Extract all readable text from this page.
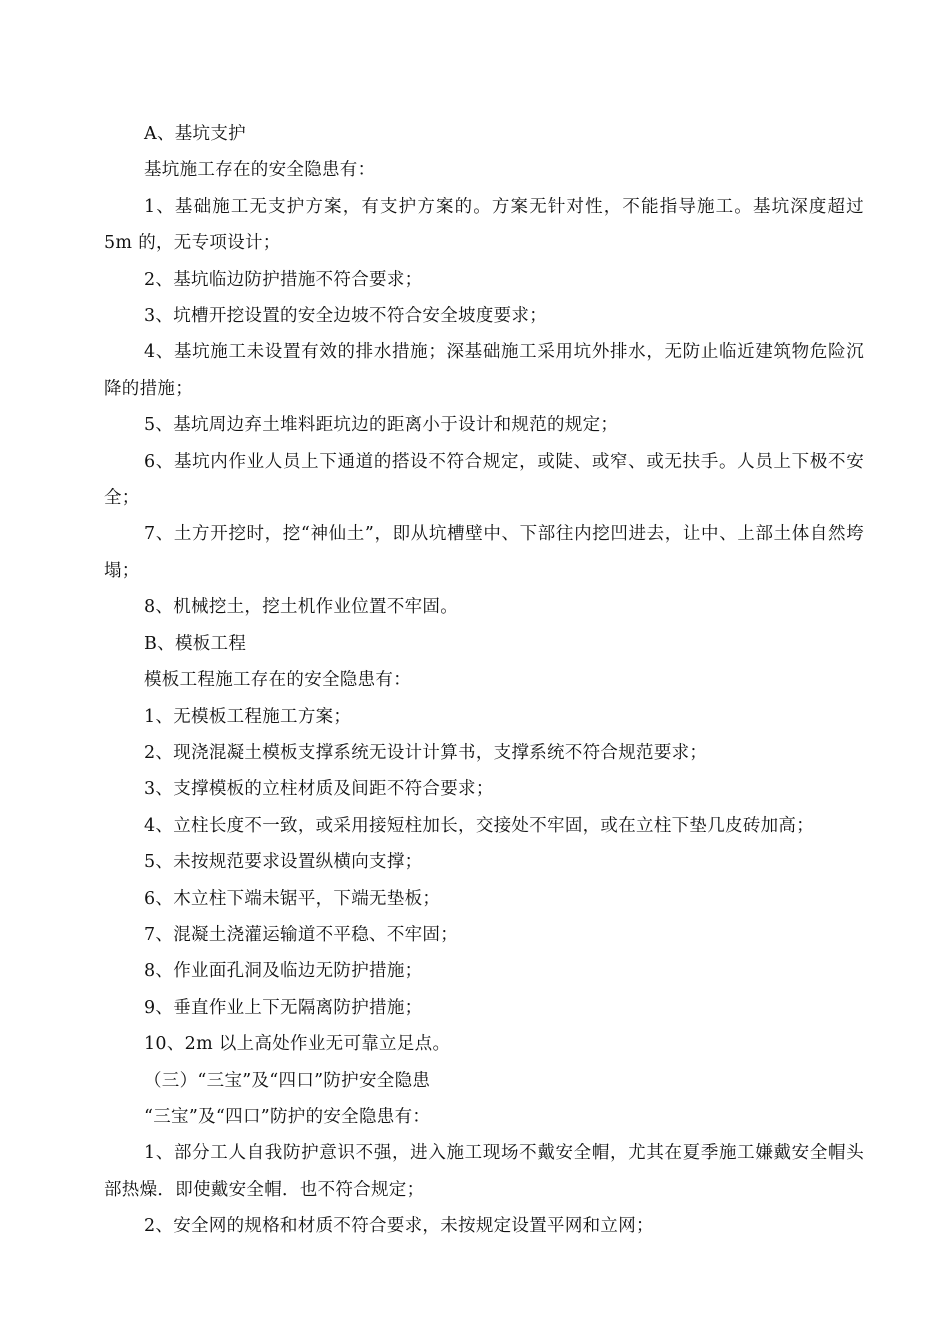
A、基坑支护

基坑施工存在的安全隐患有：

1、基础施工无支护方案，有支护方案的。方案无针对性，不能指导施工。基坑深度超过 5m 的，无专项设计；

2、基坑临边防护措施不符合要求；

3、坑槽开挖设置的安全边坡不符合安全坡度要求；

4、基坑施工未设置有效的排水措施；深基础施工采用坑外排水，无防止临近建筑物危险沉降的措施；

5、基坑周边弃土堆料距坑边的距离小于设计和规范的规定；

6、基坑内作业人员上下通道的搭设不符合规定，或陡、或窄、或无扶手。人员上下极不安全；

7、土方开挖时，挖“神仙土”，即从坑槽壁中、下部往内挖凹进去，让中、上部土体自然垮塌；

8、机械挖土，挖土机作业位置不牢固。

B、模板工程

模板工程施工存在的安全隐患有：

1、无模板工程施工方案；

2、现浇混凝土模板支撑系统无设计计算书，支撑系统不符合规范要求；

3、支撑模板的立柱材质及间距不符合要求；

4、立柱长度不一致，或采用接短柱加长，交接处不牢固，或在立柱下垫几皮砖加高；

5、未按规范要求设置纵横向支撑；

6、木立柱下端未锯平，下端无垫板；

7、混凝土浇灌运输道不平稳、不牢固；

8、作业面孔洞及临边无防护措施；

9、垂直作业上下无隔离防护措施；

10、2m 以上高处作业无可靠立足点。

（三）“三宝”及“四口”防护安全隐患

“三宝”及“四口”防护的安全隐患有：

1、部分工人自我防护意识不强，进入施工现场不戴安全帽，尤其在夏季施工嫌戴安全帽头部热燥．即使戴安全帽．也不符合规定；

2、安全网的规格和材质不符合要求，未按规定设置平网和立网；
